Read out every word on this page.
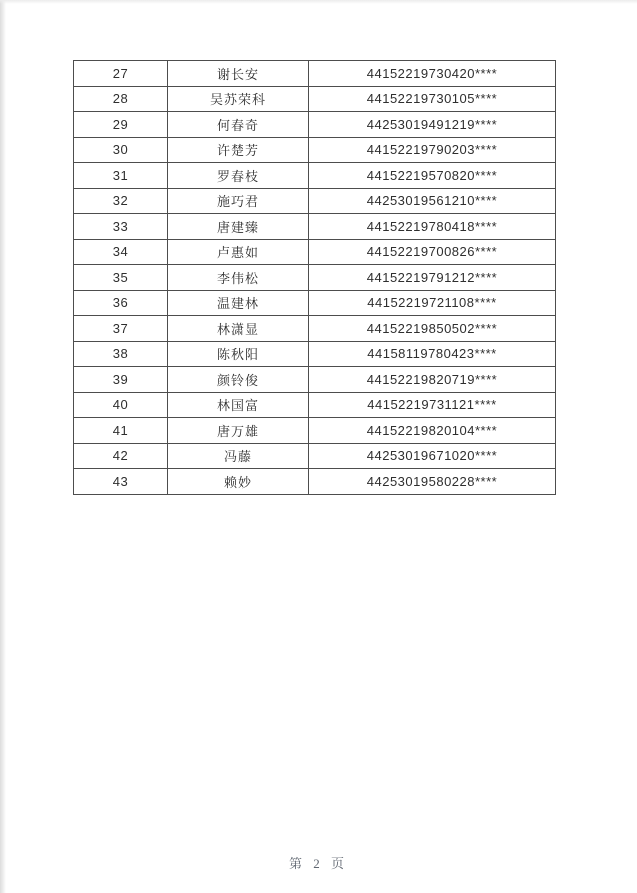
27	谢长安	44152219730420****
28	吴苏荣科	44152219730105****
29	何春奇	44253019491219****
30	许楚芳	44152219790203****
31	罗春枝	44152219570820****
32	施巧君	44253019561210****
33	唐建臻	44152219780418****
34	卢惠如	44152219700826****
35	李伟松	44152219791212****
36	温建林	44152219721108****
37	林潇显	44152219850502****
38	陈秋阳	44158119780423****
39	颜铃俊	44152219820719****
40	林国富	44152219731121****
41	唐万雄	44152219820104****
42	冯藤	44253019671020****
43	赖妙	44253019580228****
第 2 页
